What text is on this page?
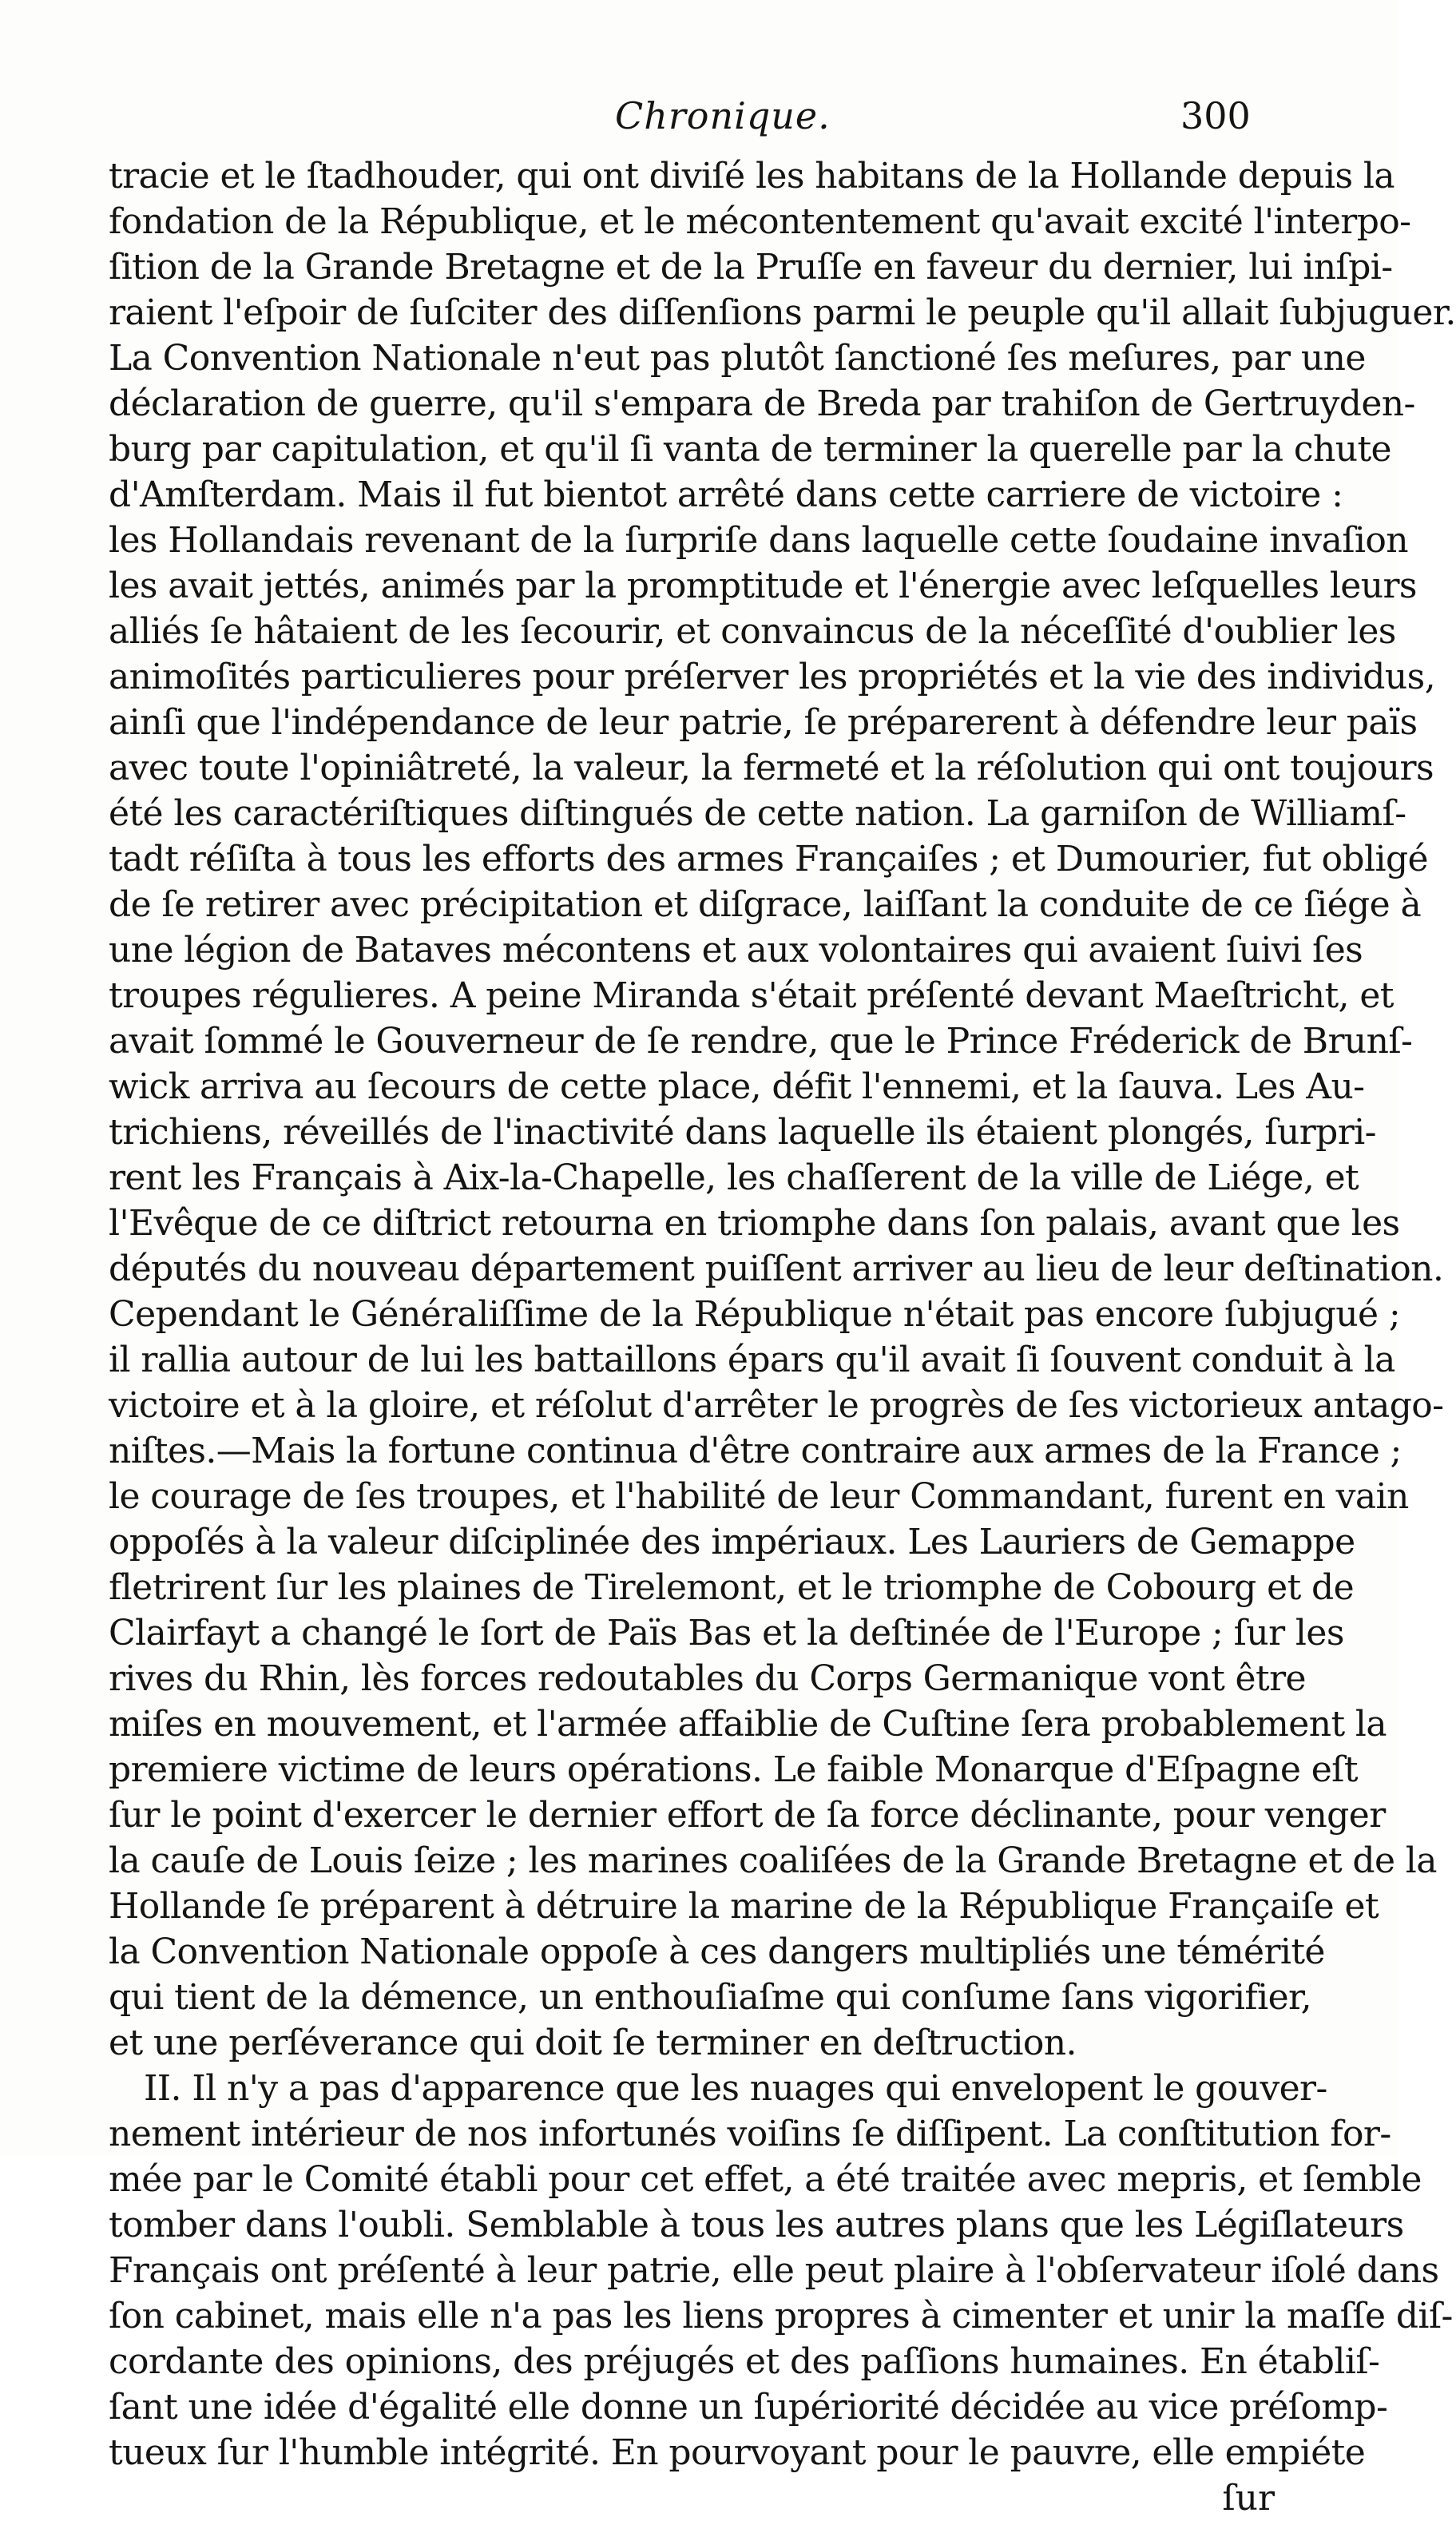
Chronique.	300
tracie et le ſtadhouder, qui ont diviſé les habitans de la Hollande depuis la
fondation de la République, et le mécontentement qu'avait excité l'interpo-
ſition de la Grande Bretagne et de la Pruſſe en faveur du dernier, lui inſpi-
raient l'eſpoir de ſuſciter des diſſenſions parmi le peuple qu'il allait ſubjuguer.
La Convention Nationale n'eut pas plutôt ſanctioné ſes meſures, par une
déclaration de guerre, qu'il s'empara de Breda par trahiſon de Gertruyden-
burg par capitulation, et qu'il ſi vanta de terminer la querelle par la chute
d'Amſterdam. Mais il fut bientot arrêté dans cette carriere de victoire :
les Hollandais revenant de la ſurpriſe dans laquelle cette ſoudaine invaſion
les avait jettés, animés par la promptitude et l'énergie avec leſquelles leurs
alliés ſe hâtaient de les ſecourir, et convaincus de la néceſſité d'oublier les
animoſités particulieres pour préſerver les propriétés et la vie des individus,
ainſi que l'indépendance de leur patrie, ſe préparerent à défendre leur païs
avec toute l'opiniâtreté, la valeur, la fermeté et la réſolution qui ont toujours
été les caractériſtiques diſtingués de cette nation. La garniſon de Williamſ-
tadt réſiſta à tous les efforts des armes Françaiſes ; et Dumourier, fut obligé
de ſe retirer avec précipitation et diſgrace, laiſſant la conduite de ce ſiége à
une légion de Bataves mécontens et aux volontaires qui avaient ſuivi ſes
troupes régulieres. A peine Miranda s'était préſenté devant Maeſtricht, et
avait ſommé le Gouverneur de ſe rendre, que le Prince Fréderick de Brunſ-
wick arriva au ſecours de cette place, défit l'ennemi, et la ſauva. Les Au-
trichiens, réveillés de l'inactivité dans laquelle ils étaient plongés, ſurpri-
rent les Français à Aix-la-Chapelle, les chaſſerent de la ville de Liége, et
l'Evêque de ce diſtrict retourna en triomphe dans ſon palais, avant que les
députés du nouveau département puiſſent arriver au lieu de leur deſtination.
Cependant le Généraliſſime de la République n'était pas encore ſubjugué ;
il rallia autour de lui les battaillons épars qu'il avait ſi ſouvent conduit à la
victoire et à la gloire, et réſolut d'arrêter le progrès de ſes victorieux antago-
niſtes.—Mais la fortune continua d'être contraire aux armes de la France ;
le courage de ſes troupes, et l'habilité de leur Commandant, furent en vain
oppoſés à la valeur diſciplinée des impériaux. Les Lauriers de Gemappe
fletrirent ſur les plaines de Tirelemont, et le triomphe de Cobourg et de
Clairfayt a changé le ſort de Païs Bas et la deſtinée de l'Europe ; ſur les
rives du Rhin, lès forces redoutables du Corps Germanique vont être
miſes en mouvement, et l'armée affaiblie de Cuſtine ſera probablement la
premiere victime de leurs opérations. Le faible Monarque d'Eſpagne eſt
ſur le point d'exercer le dernier effort de ſa force déclinante, pour venger
la cauſe de Louis ſeize ; les marines coaliſées de la Grande Bretagne et de la
Hollande ſe préparent à détruire la marine de la République Françaiſe et
la Convention Nationale oppoſe à ces dangers multipliés une témérité
qui tient de la démence, un enthouſiaſme qui conſume ſans vigorifier,
et une perſéverance qui doit ſe terminer en deſtruction.
II. Il n'y a pas d'apparence que les nuages qui envelopent le gouver-
nement intérieur de nos infortunés voiſins ſe diſſipent. La conſtitution for-
mée par le Comité établi pour cet effet, a été traitée avec mepris, et ſemble
tomber dans l'oubli. Semblable à tous les autres plans que les Légiſlateurs
Français ont préſenté à leur patrie, elle peut plaire à l'obſervateur iſolé dans
ſon cabinet, mais elle n'a pas les liens propres à cimenter et unir la maſſe diſ-
cordante des opinions, des préjugés et des paſſions humaines. En établiſ-
ſant une idée d'égalité elle donne un ſupériorité décidée au vice préſomp-
tueux ſur l'humble intégrité. En pourvoyant pour le pauvre, elle empiéte
ſur
